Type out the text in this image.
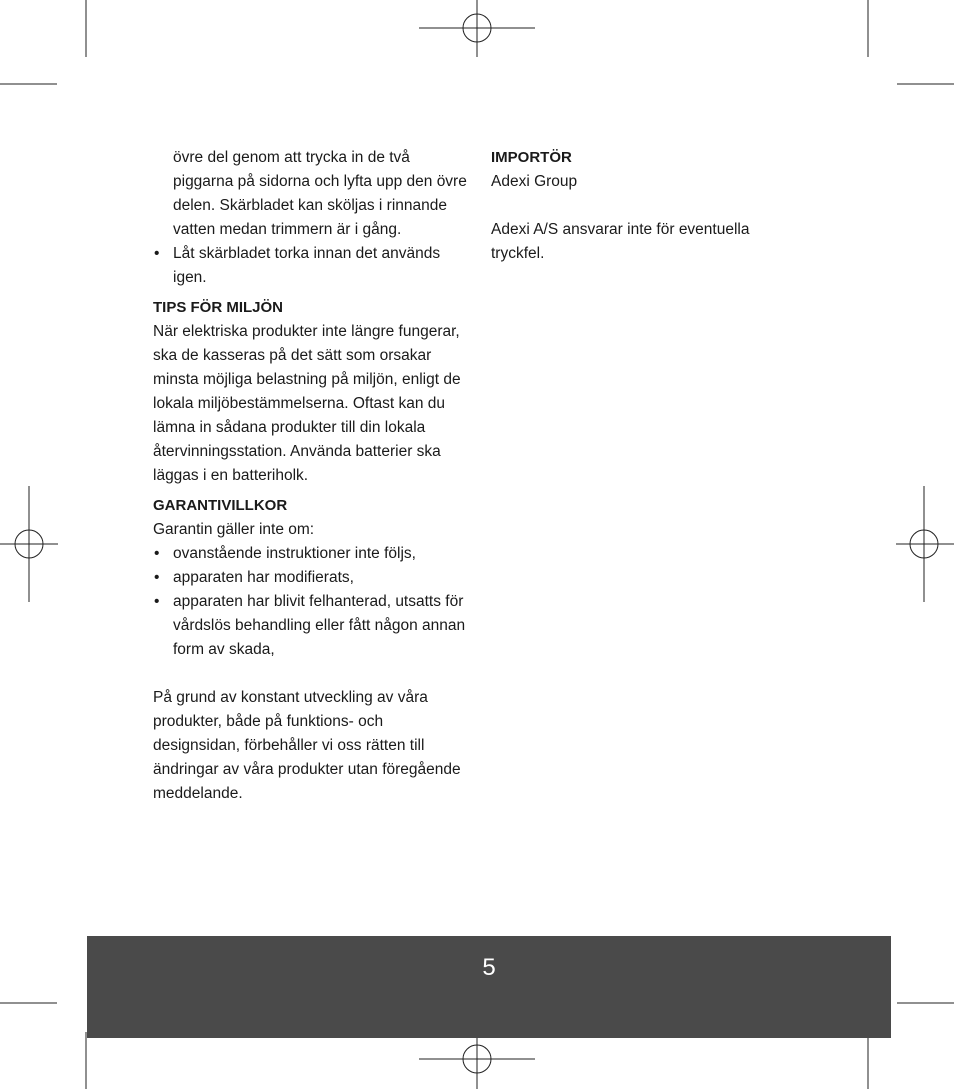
övre del genom att trycka in de två piggarna på sidorna och lyfta upp den övre delen. Skärbladet kan sköljas i rinnande vatten medan trimmern är i gång.

• Låt skärbladet torka innan det används igen.
TIPS FÖR MILJÖN

När elektriska produkter inte längre fungerar, ska de kasseras på det sätt som orsakar minsta möjliga belastning på miljön, enligt de lokala miljöbestämmelserna. Oftast kan du lämna in sådana produkter till din lokala återvinningsstation. Använda batterier ska läggas i en batteriholk.

GARANTIVILLKOR

Garantin gäller inte om:

• ovanstående instruktioner inte följs,
• apparaten har modifierats,
• apparaten har blivit felhanterad, utsatts för vårdslös behandling eller fått någon annan form av skada,

På grund av konstant utveckling av våra produkter, både på funktions- och designsidan, förbehåller vi oss rätten till ändringar av våra produkter utan föregående meddelande.

IMPORTÖR

Adexi Group

Adexi A/S ansvarar inte för eventuella tryckfel.

5
